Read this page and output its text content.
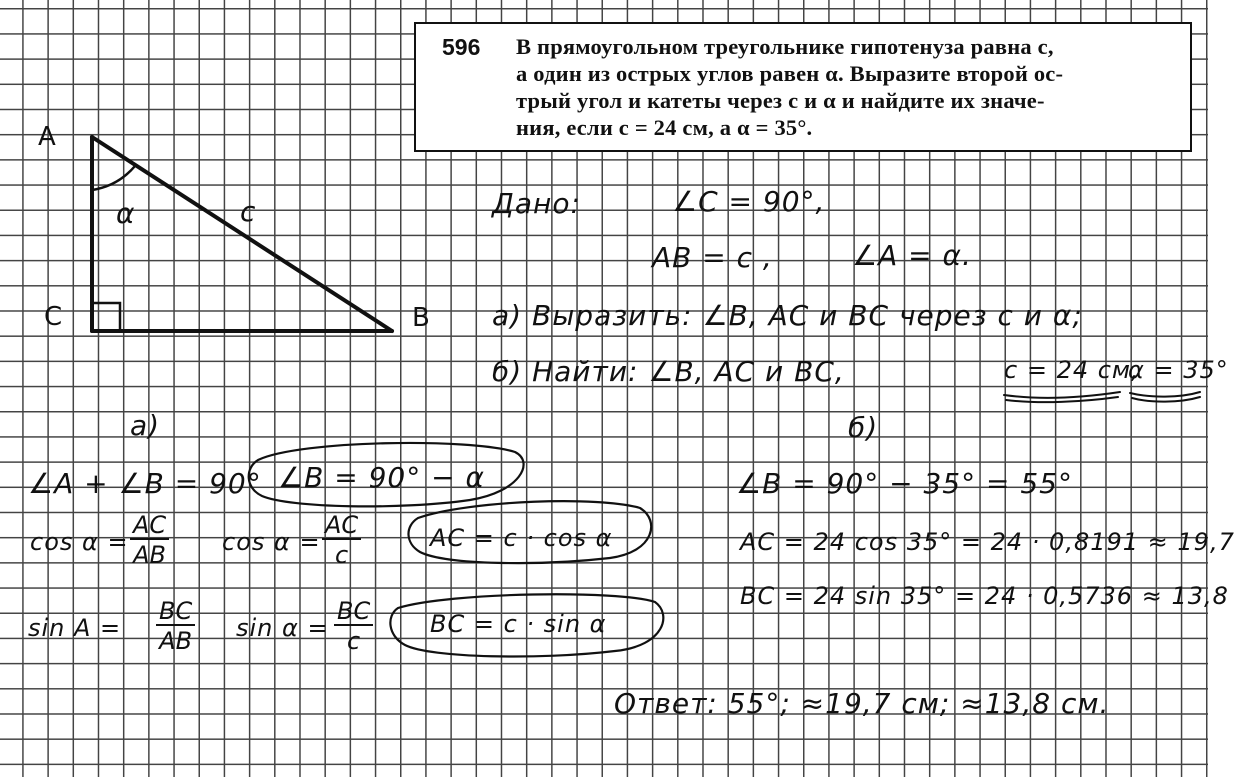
596 В прямоугольном треугольнике гипотенуза равна c,
а один из острых углов равен α. Выразите второй ос-
трый угол и катеты через c и α и найдите их значе-
ния, если c = 24 см, а α = 35°.
A
C	B
α	c	Дано:	∠C = 90°,
AB = c ,	∠A = α.
а) Выразить: ∠B, AC и BC через c и α;
б) Найти: ∠B, AC и BC,	c = 24 см,
α = 35°
а)
∠A + ∠B = 90° ∠B = 90° − α
$\cos \alpha = \frac{AC}{AB}$ $\cos \alpha = \frac{AC}{c}$	AC = c · cos α
$\sin A = \frac{BC}{AB}$ $\sin \alpha = \frac{BC}{c}$ BC = c · sin α
б)
∠B = 90° − 35° = 55°
AC = 24 cos 35° = 24 · 0,8191 ≈ 19,7
BC = 24 sin 35° = 24 · 0,5736 ≈ 13,8
Ответ: 55°; ≈19,7 см; ≈13,8 см.
